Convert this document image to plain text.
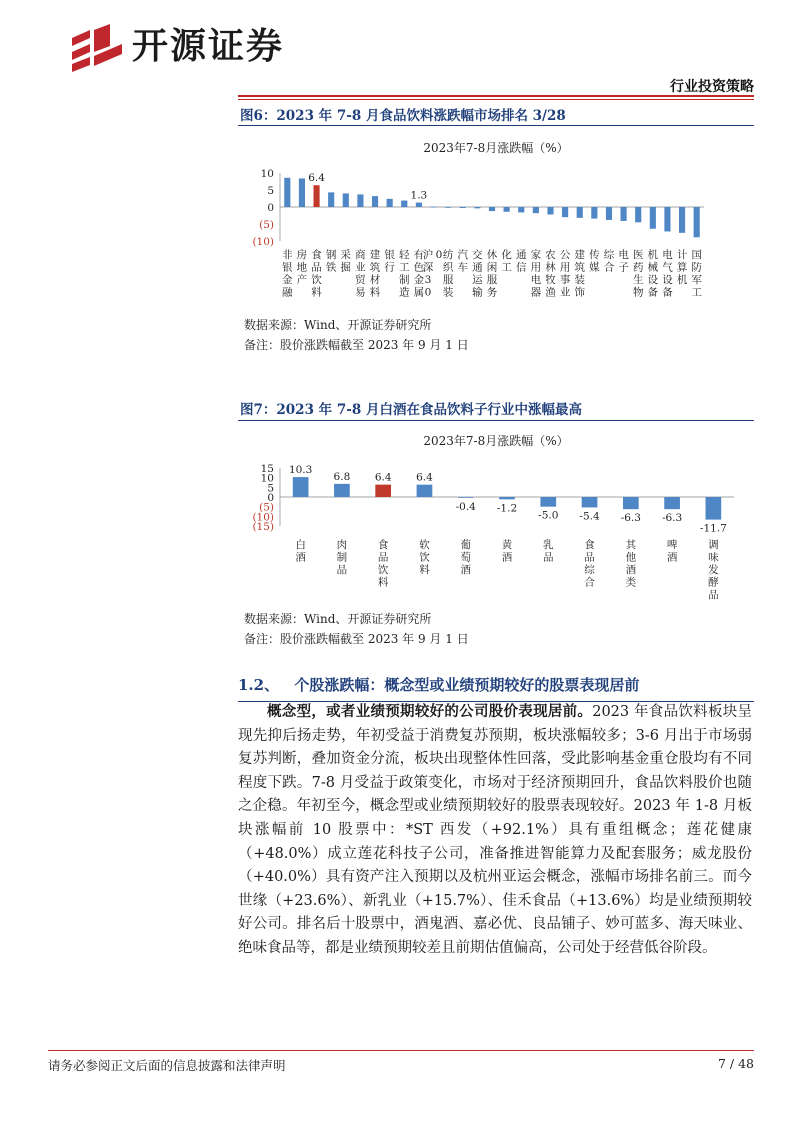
开源证券
行业投资策略
图6：2023 年 7-8 月食品饮料涨跌幅市场排名 3/28
2023年7-8月涨跌幅（%）
10
5
0
(5)
(10)
非银金融
房地产
6.4
食品饮料
钢铁
采掘
商业贸易
建筑材料
银行
轻工制造
1.3
有色金属
沪深 3 00 纺织服装
汽车
交通运输
休闲服务
化工
通信
家用电器
农林牧渔
公用事业
建筑装饰
传媒
综合
电子
医药生物
机械设备
电气设备
计算机
国防军工
数据来源：Wind、开源证券研究所
备注：股价涨跌幅截至 2023 年 9 月 1 日
图7：2023 年 7-8 月白酒在食品饮料子行业中涨幅最高
2023年7-8月涨跌幅（%）
15
10
5
0
(5)
(10)
(15)
10.3
白酒
6.8
肉制品
6.4
食品饮料
6.4
软饮料
-0.4
葡萄酒
-1.2
黄酒
-5.0
乳品
-5.4
食品综合
-6.3
其他酒类
-6.3
啤酒
-11.7
调味发酵品
数据来源：Wind、开源证券研究所
备注：股价涨跌幅截至 2023 年 9 月 1 日
1.2、 个股涨跌幅：概念型或业绩预期较好的股票表现居前
概念型，或者业绩预期较好的公司股价表现居前。2023 年食品饮料板块呈现先抑后扬走势，年初受益于消费复苏预期，板块涨幅较多；3-6 月出于市场弱复苏判断，叠加资金分流，板块出现整体性回落，受此影响基金重仓股均有不同程度下跌。7-8 月受益于政策变化，市场对于经济预期回升，食品饮料股价也随之企稳。年初至今，概念型或业绩预期较好的股票表现较好。2023 年 1-8 月板块涨幅前 10 股票中：*ST 西发（+92.1%）具有重组概念；莲花健康（+48.0%）成立莲花科技子公司，准备推进智能算力及配套服务；威龙股份（+40.0%）具有资产注入预期以及杭州亚运会概念，涨幅市场排名前三。而今世缘（+23.6%）、新乳业（+15.7%）、佳禾食品（+13.6%）均是业绩预期较好公司。排名后十股票中，酒鬼酒、嘉必优、良品铺子、妙可蓝多、海天味业、绝味食品等，都是业绩预期较差且前期估值偏高，公司处于经营低谷阶段。
请务必参阅正文后面的信息披露和法律声明	7 / 48
